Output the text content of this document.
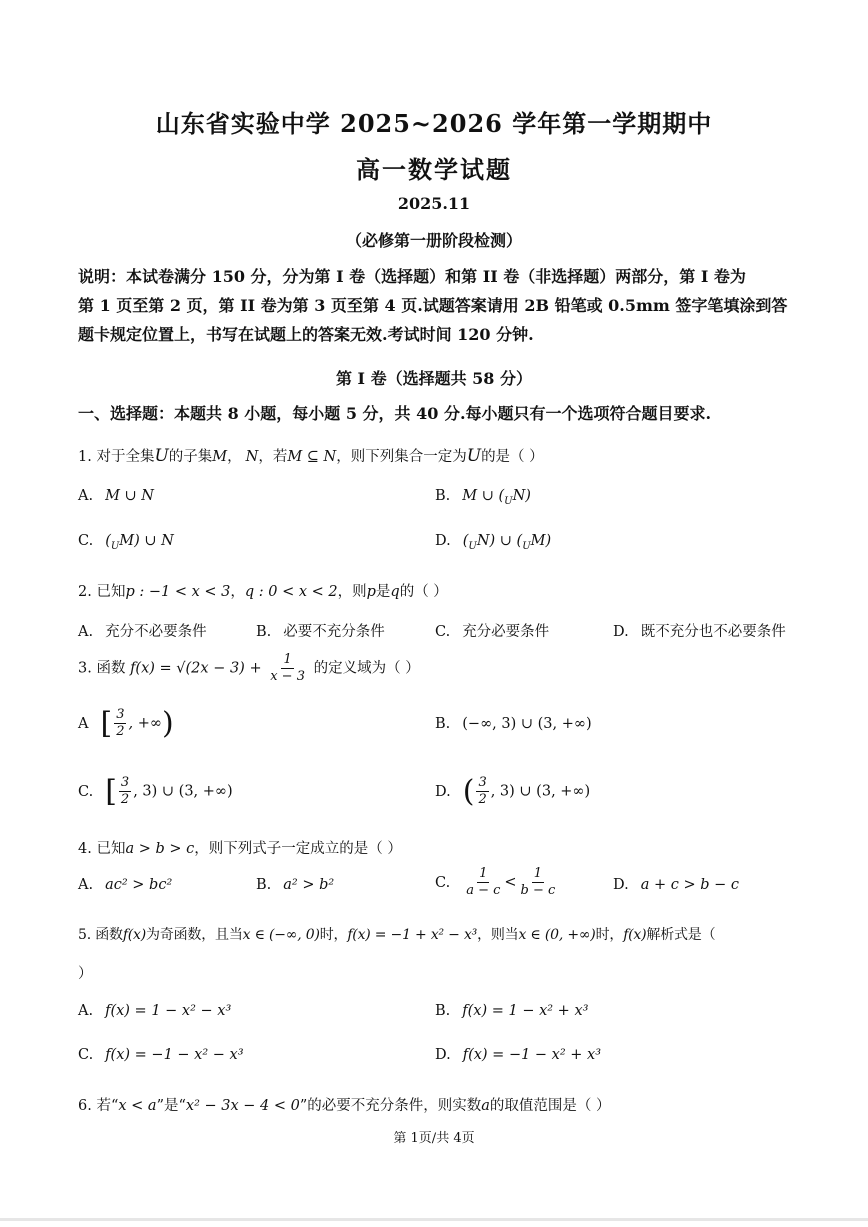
山东省实验中学 2025~2026 学年第一学期期中
高一数学试题
2025.11
（必修第一册阶段检测）
说明：本试卷满分 150 分，分为第 I 卷（选择题）和第 II 卷（非选择题）两部分，第 I 卷为
第 1 页至第 2 页，第 II 卷为第 3 页至第 4 页.试题答案请用 2B 铅笔或 0.5mm 签字笔填涂到答
题卡规定位置上，书写在试题上的答案无效.考试时间 120 分钟.
第 I 卷（选择题共 58 分）
一、选择题：本题共 8 小题，每小题 5 分，共 40 分.每小题只有一个选项符合题目要求.
1. 对于全集U的子集M， N，若M ⊆ N，则下列集合一定为U的是（ ）
A. M ∪ N	B. M ∪ $(_UN)$
C. $(_UM)$ ∪ N	D. $(_UN)$ ∪ $(_UM)$
2. 已知p : −1 < x < 3，q : 0 < x < 2，则p是q的（ ）
A. 充分不必要条件	B. 必要不充分条件	C. 充分必要条件	D. 既不充分也不必要条件
3. 函数 $f(x) = √(2x - 3) + \frac{1}{x - 3}$ 的定义域为（ ）
A [ $\frac{3}{2}$ , +∞)	B. (−∞, 3) ∪ (3, +∞)
C. [ $\frac{3}{2}$ , 3) ∪ (3, +∞)	D. ( $\frac{3}{2}$ , 3) ∪ (3, +∞)
4. 已知a > b > c，则下列式子一定成立的是（ ）
A. ac² > bc²	B. a² > b²	C. $\frac{1}{a - c} < \frac{1}{b - c}$	D. a + c > b − c
5. 函数f(x)为奇函数，且当x ∈ (−∞, 0)时，f(x) = −1 + x² − x³，则当x ∈ (0, +∞)时，f(x)解析式是（
）
A. f(x) = 1 − x² − x³	B. f(x) = 1 − x² + x³
C. f(x) = −1 − x² − x³	D. f(x) = −1 − x² + x³
6. 若“x < a”是“x² − 3x − 4 < 0”的必要不充分条件，则实数a的取值范围是（ ）
第 1页/共 4页
